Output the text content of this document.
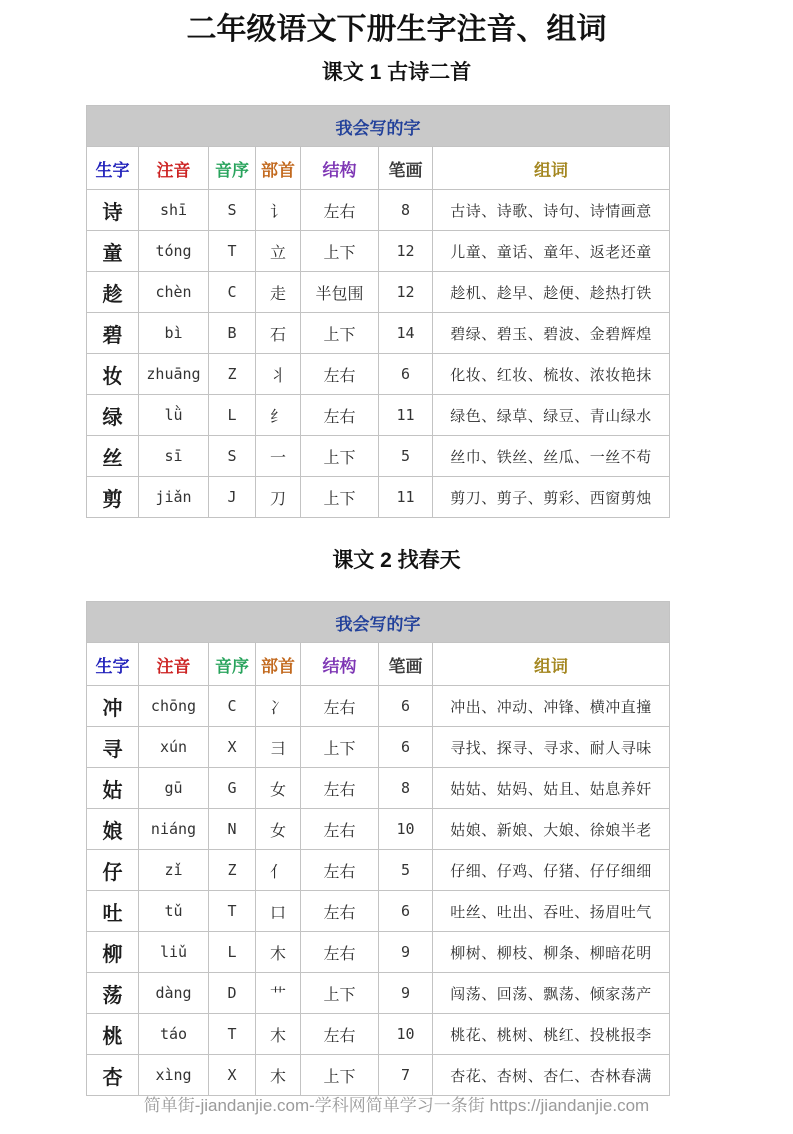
二年级语文下册生字注音、组词
课文 1 古诗二首
我会写的字						
生字	注音	音序	部首	结构	笔画	组词
诗	shī	S	讠	左右	8	古诗、诗歌、诗句、诗情画意
童	tóng	T	立	上下	12	儿童、童话、童年、返老还童
趁	chèn	C	走	半包围	12	趁机、趁早、趁便、趁热打铁
碧	bì	B	石	上下	14	碧绿、碧玉、碧波、金碧辉煌
妆	zhuāng	Z	丬	左右	6	化妆、红妆、梳妆、浓妆艳抹
绿	lǜ	L	纟	左右	11	绿色、绿草、绿豆、青山绿水
丝	sī	S	一	上下	5	丝巾、铁丝、丝瓜、一丝不苟
剪	jiǎn	J	刀	上下	11	剪刀、剪子、剪彩、西窗剪烛
课文 2 找春天
我会写的字						
生字	注音	音序	部首	结构	笔画	组词
冲	chōng	C	冫	左右	6	冲出、冲动、冲锋、横冲直撞
寻	xún	X	彐	上下	6	寻找、探寻、寻求、耐人寻味
姑	gū	G	女	左右	8	姑姑、姑妈、姑且、姑息养奸
娘	niáng	N	女	左右	10	姑娘、新娘、大娘、徐娘半老
仔	zǐ	Z	亻	左右	5	仔细、仔鸡、仔猪、仔仔细细
吐	tǔ	T	口	左右	6	吐丝、吐出、吞吐、扬眉吐气
柳	liǔ	L	木	左右	9	柳树、柳枝、柳条、柳暗花明
荡	dàng	D	艹	上下	9	闯荡、回荡、飘荡、倾家荡产
桃	táo	T	木	左右	10	桃花、桃树、桃红、投桃报李
杏	xìng	X	木	上下	7	杏花、杏树、杏仁、杏林春满
简单街-jiandanjie.com-学科网简单学习一条街 https://jiandanjie.com
